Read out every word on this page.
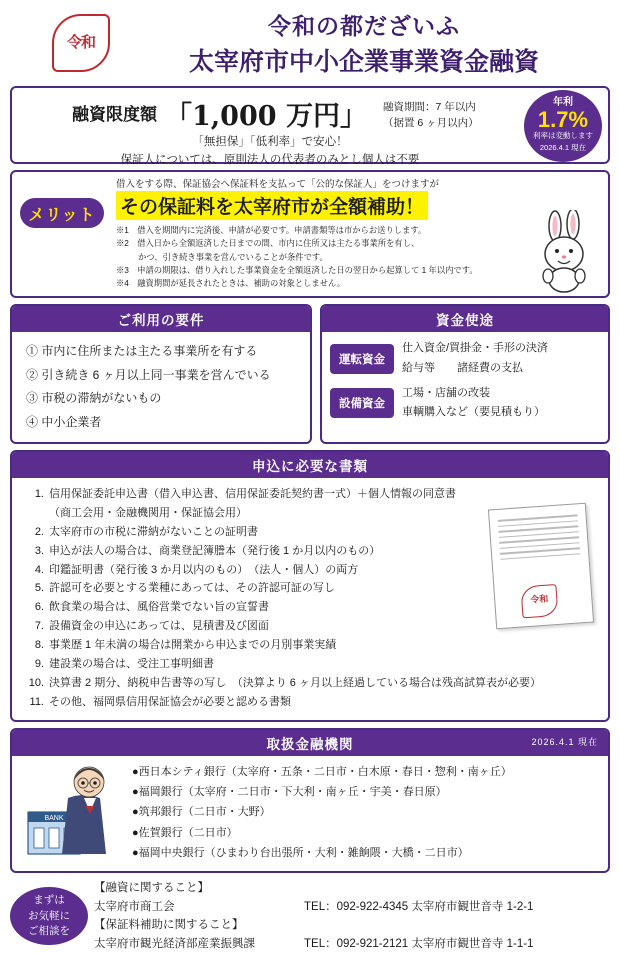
令和
令和の都だざいふ
太宰府市中小企業事業資金融資
融資限度額 「1,000 万円」 融資期間：7 年以内
（据置 6 ヶ月以内）
「無担保」「低利率」で安心！
保証人については、原則法人の代表者のみとし個人は不要
年利
1.7%
利率は変動します
2026.4.1 現在
借入をする際、保証協会へ保証料を支払って「公的な保証人」をつけますが
メリット	その保証料を太宰府市が全額補助！
※1　借入を期間内に完済後、申請が必要です。申請書類等は市からお送りします。
※2　借入日から全額返済した日までの間、市内に住所又は主たる事業所を有し、
かつ、引き続き事業を営んでいることが条件です。
※3　申請の期限は、借り入れした事業資金を全額返済した日の翌日から起算して 1 年以内です。
※4　融資期間が延長されたときは、補助の対象としません。
ご利用の要件
① 市内に住所または主たる事業所を有する
② 引き続き 6 ヶ月以上同一事業を営んでいる
③ 市税の滞納がないもの
④ 中小企業者
資金使途
運転資金
仕入資金/買掛金・手形の決済
給与等　　諸経費の支払
設備資金
工場・店舗の改装
車輌購入など（要見積もり）
申込に必要な書類
1. 信用保証委託申込書（借入申込書、信用保証委託契約書一式）＋個人情報の同意書
（商工会用・金融機関用・保証協会用）
2. 太宰府市の市税に滞納がないことの証明書
3. 申込が法人の場合は、商業登記簿謄本（発行後 1 か月以内のもの）
4. 印鑑証明書（発行後 3 か月以内のもの）　（法人・個人）の両方
5. 許認可を必要とする業種にあっては、その許認可証の写し
6. 飲食業の場合は、風俗営業でない旨の宣誓書
7. 設備資金の申込にあっては、見積書及び図面
8. 事業歴 1 年未満の場合は開業から申込までの月別事業実績
9. 建設業の場合は、受注工事明細書
10. 決算書 2 期分、納税申告書等の写し　（決算より 6 ヶ月以上経過している場合は残高試算表が必要）
11. その他、福岡県信用保証協会が必要と認める書類
令和
取扱金融機関	2026.4.1 現在
●西日本シティ銀行（太宰府・五条・二日市・白木原・春日・惣利・南ヶ丘）
●福岡銀行（太宰府・二日市・下大利・南ヶ丘・宇美・春日原）
●筑邦銀行（二日市・大野）
●佐賀銀行（二日市）
●福岡中央銀行（ひまわり台出張所・大利・雑餉隈・大橋・二日市）
BANK
まずは
お気軽に
ご相談を
【融資に関すること】
太宰府市商工会	TEL：092-922-4345 太宰府市観世音寺 1-2-1
【保証料補助に関すること】
太宰府市観光経済部産業振興課	TEL：092-921-2121 太宰府市観世音寺 1-1-1
